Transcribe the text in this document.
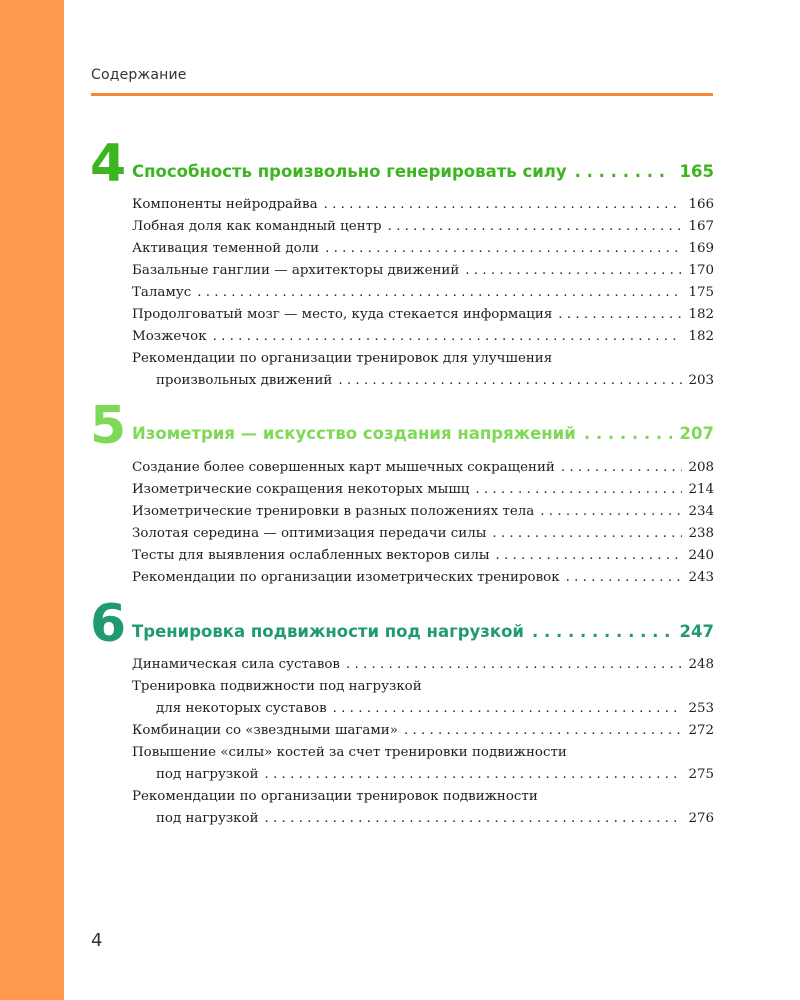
Содержание
4 Способность произвольно генерировать силу . . .	165
Компоненты нейродрайва . . .	166
Лобная доля как командный центр . . .	167
Активация теменной доли . . .	169
Базальные ганглии — архитекторы движений . . .	170
Таламус . . .	175
Продолговатый мозг — место, куда стекается информация . . .	182
Мозжечок . . .	182
Рекомендации по организации тренировок для улучшения
произвольных движений . . .	203
5 Изометрия — искусство создания напряжений . . .	207
Создание более совершенных карт мышечных сокращений . . .	208
Изометрические сокращения некоторых мышц . . .	214
Изометрические тренировки в разных положениях тела . . .	234
Золотая середина — оптимизация передачи силы . . .	238
Тесты для выявления ослабленных векторов силы . . .	240
Рекомендации по организации изометрических тренировок . . .	243
6 Тренировка подвижности под нагрузкой . . .	247
Динамическая сила суставов . . .	248
Тренировка подвижности под нагрузкой
для некоторых суставов . . .	253
Комбинации со «звездными шагами» . . .	272
Повышение «силы» костей за счет тренировки подвижности
под нагрузкой . . .	275
Рекомендации по организации тренировок подвижности
под нагрузкой . . .	276
4
